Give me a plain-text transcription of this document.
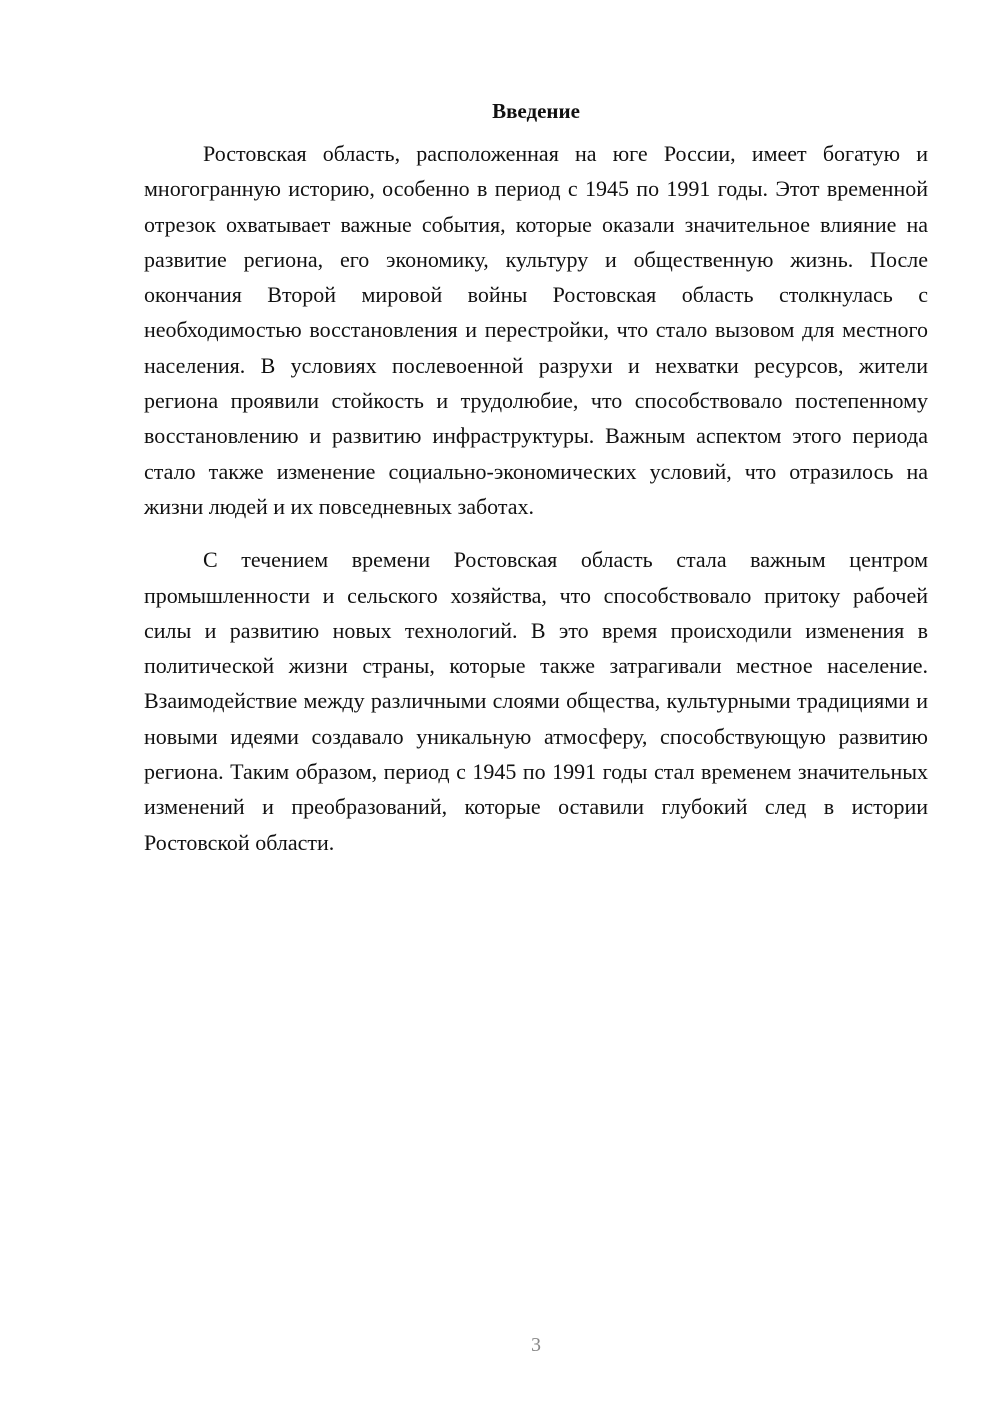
Введение

Ростовская область, расположенная на юге России, имеет богатую и многогранную историю, особенно в период с 1945 по 1991 годы. Этот временной отрезок охватывает важные события, которые оказали значительное влияние на развитие региона, его экономику, культуру и общественную жизнь. После окончания Второй мировой войны Ростовская область столкнулась с необходимостью восстановления и перестройки, что стало вызовом для местного населения. В условиях послевоенной разрухи и нехватки ресурсов, жители региона проявили стойкость и трудолюбие, что способствовало постепенному восстановлению и развитию инфраструктуры. Важным аспектом этого периода стало также изменение социально-экономических условий, что отразилось на жизни людей и их повседневных заботах.

С течением времени Ростовская область стала важным центром промышленности и сельского хозяйства, что способствовало притоку рабочей силы и развитию новых технологий. В это время происходили изменения в политической жизни страны, которые также затрагивали местное население. Взаимодействие между различными слоями общества, культурными традициями и новыми идеями создавало уникальную атмосферу, способствующую развитию региона. Таким образом, период с 1945 по 1991 годы стал временем значительных изменений и преобразований, которые оставили глубокий след в истории Ростовской области.

3
